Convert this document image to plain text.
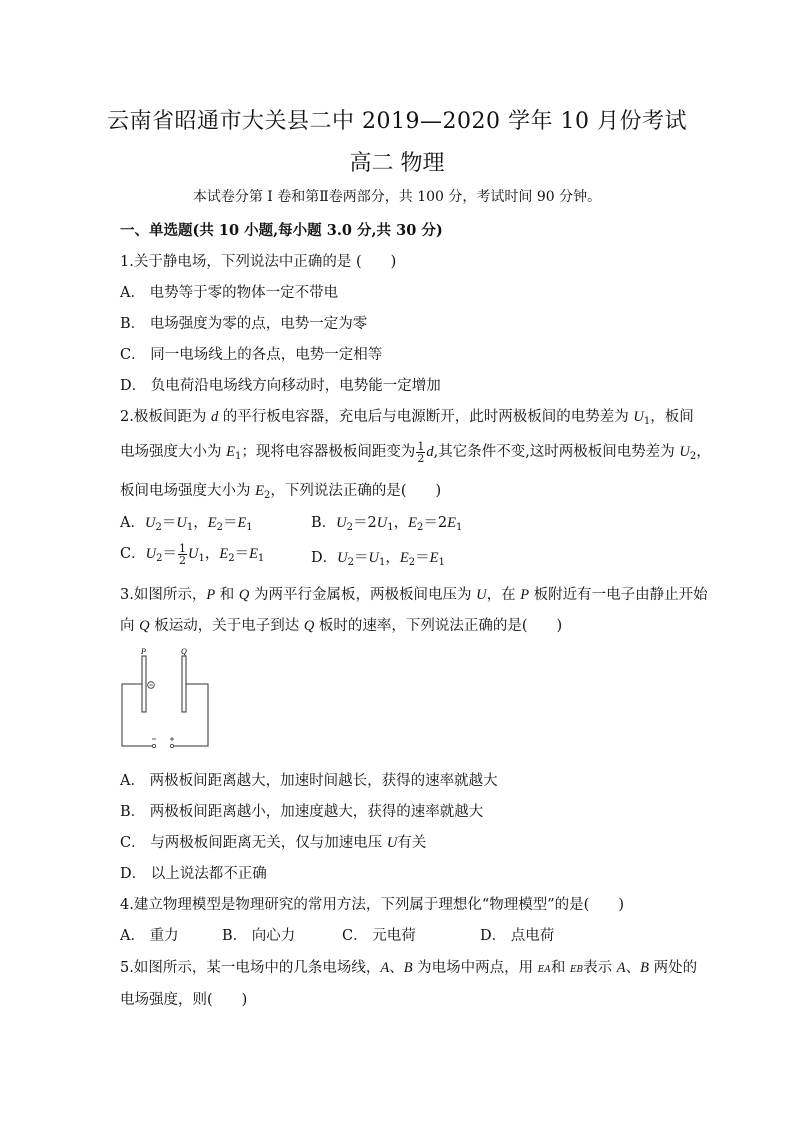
云南省昭通市大关县二中 2019—2020 学年 10 月份考试
高二 物理
本试卷分第 I 卷和第Ⅱ卷两部分，共 100 分，考试时间 90 分钟。
一、单选题(共 10 小题,每小题 3.0 分,共 30 分)
1.关于静电场，下列说法中正确的是 (　　)
A． 电势等于零的物体一定不带电
B． 电场强度为零的点，电势一定为零
C． 同一电场线上的各点，电势一定相等
D． 负电荷沿电场线方向移动时，电势能一定增加
2.极板间距为 d 的平行板电容器，充电后与电源断开，此时两极板间的电势差为 $U_1$，板间
电场强度大小为 $E_1$；现将电容器极板间距变为 $\frac{1}{2} d$,其它条件不变,这时两极板间电势差为 $U_2$，
板间电场强度大小为 $E_2$，下列说法正确的是(　　)
A．$U_2=U_1$，$E_2=E_1$	B．$U_2=2U_1$，$E_2=2E_1$
C．$U_2= \frac{1}{2} U_1$，$E_2=E_1$	D．$U_2=U_1$，$E_2=E_1$
3.如图所示，P 和 Q 为两平行金属板，两极板间电压为 U，在 P 板附近有一电子由静止开始
向 Q 板运动，关于电子到达 Q 板时的速率，下列说法正确的是(　　)
P	Q
A． 两极板间距离越大，加速时间越长，获得的速率就越大
B． 两极板间距离越小，加速度越大，获得的速率就越大
C． 与两极板间距离无关，仅与加速电压 U有关
D． 以上说法都不正确
4.建立物理模型是物理研究的常用方法，下列属于理想化“物理模型”的是(　　)
A． 重力	B． 向心力	C． 元电荷	D． 点电荷
5.如图所示，某一电场中的几条电场线，A、B 为电场中两点，用 EA和 EB表示 A、B 两处的
电场强度，则(　　)
